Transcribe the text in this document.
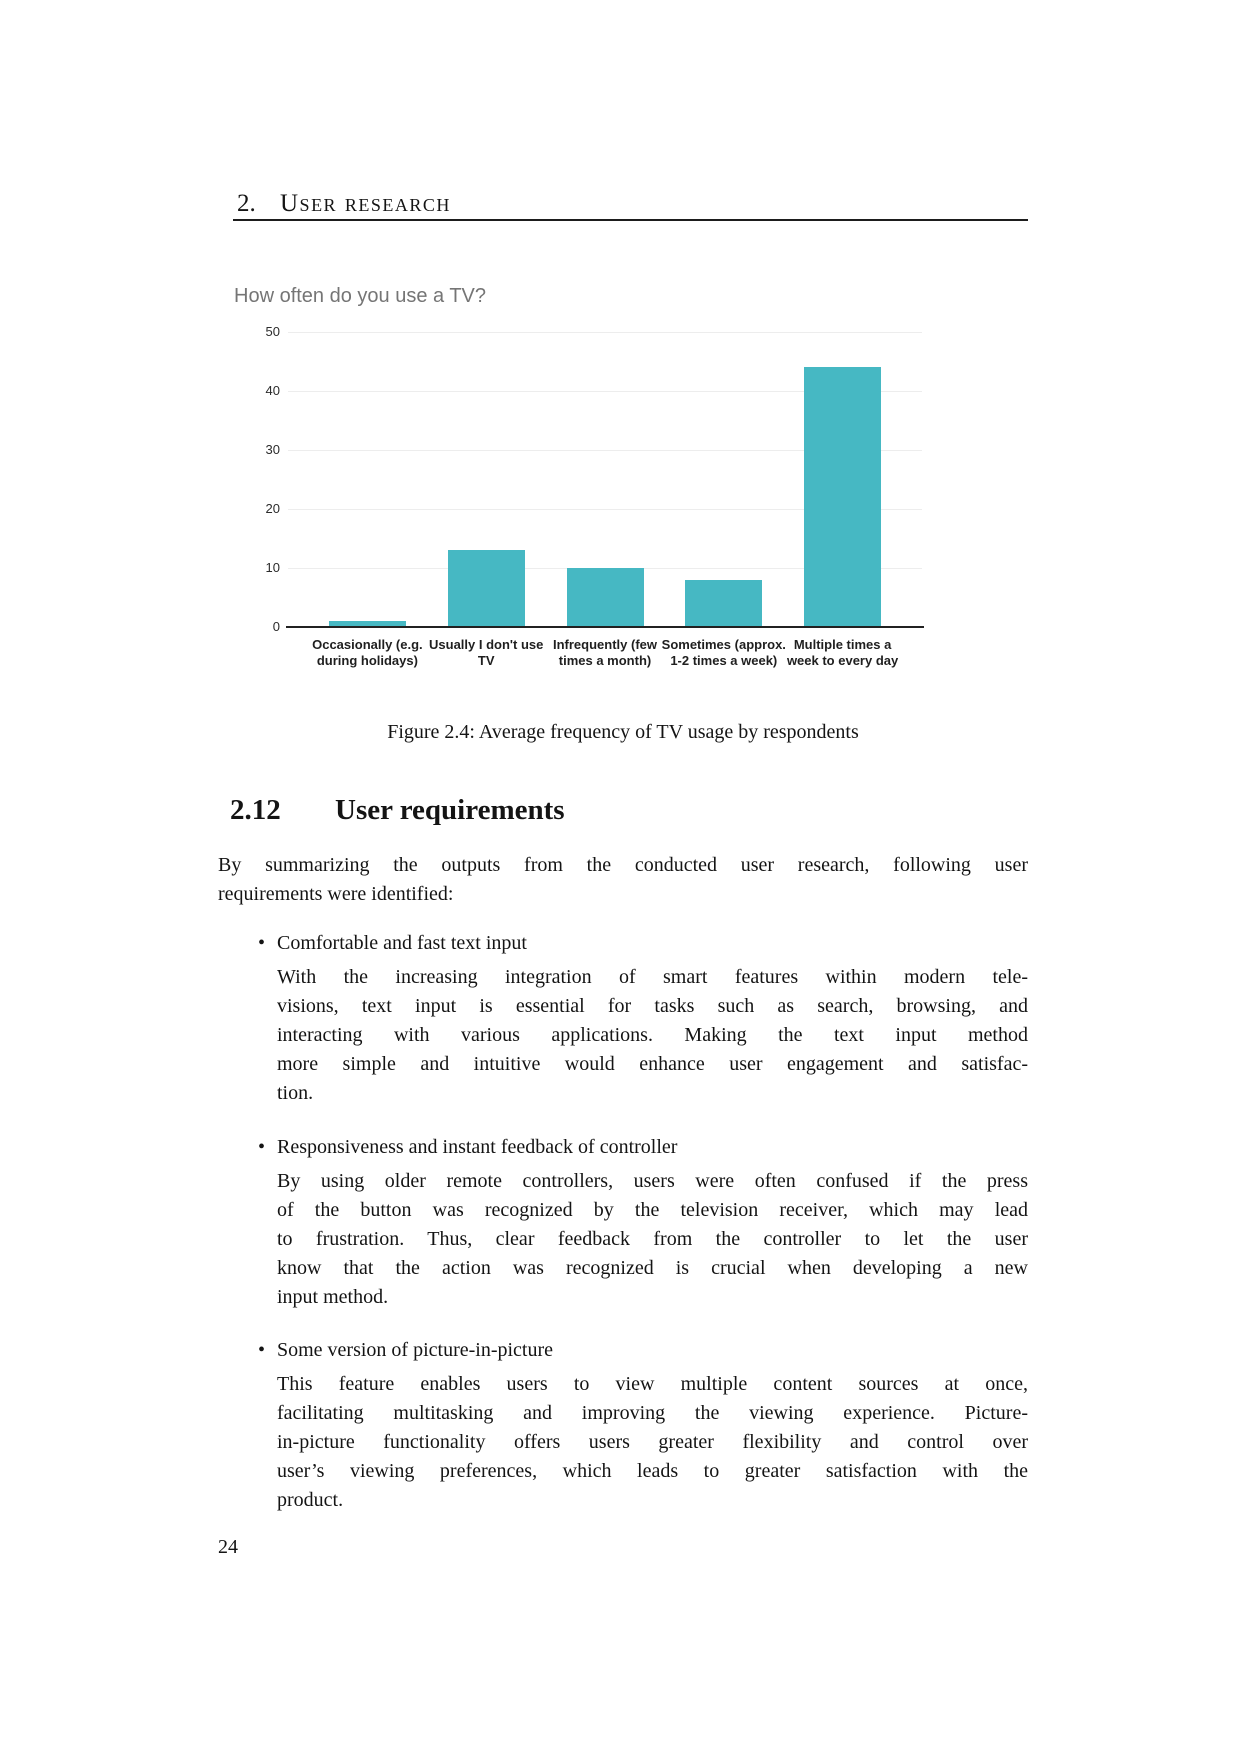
2. User research
How often do you use a TV?
0
10
20
30
40
50
Occasionally (e.g. during holidays)
Usually I don't use TV
Infrequently (few times a month)
Sometimes (approx. 1-2 times a week)
Multiple times a week to every day
Figure 2.4: Average frequency of TV usage by respondents
2.12 User requirements
By summarizing the outputs from the conducted user research, following user
requirements were identified:
• Comfortable and fast text input
With the increasing integration of smart features within modern tele-
visions, text input is essential for tasks such as search, browsing, and
interacting with various applications. Making the text input method
more simple and intuitive would enhance user engagement and satisfac-
tion.
• Responsiveness and instant feedback of controller
By using older remote controllers, users were often confused if the press
of the button was recognized by the television receiver, which may lead
to frustration. Thus, clear feedback from the controller to let the user
know that the action was recognized is crucial when developing a new
input method.
• Some version of picture-in-picture
This feature enables users to view multiple content sources at once,
facilitating multitasking and improving the viewing experience. Picture-
in-picture functionality offers users greater flexibility and control over
user’s viewing preferences, which leads to greater satisfaction with the
product.
24
